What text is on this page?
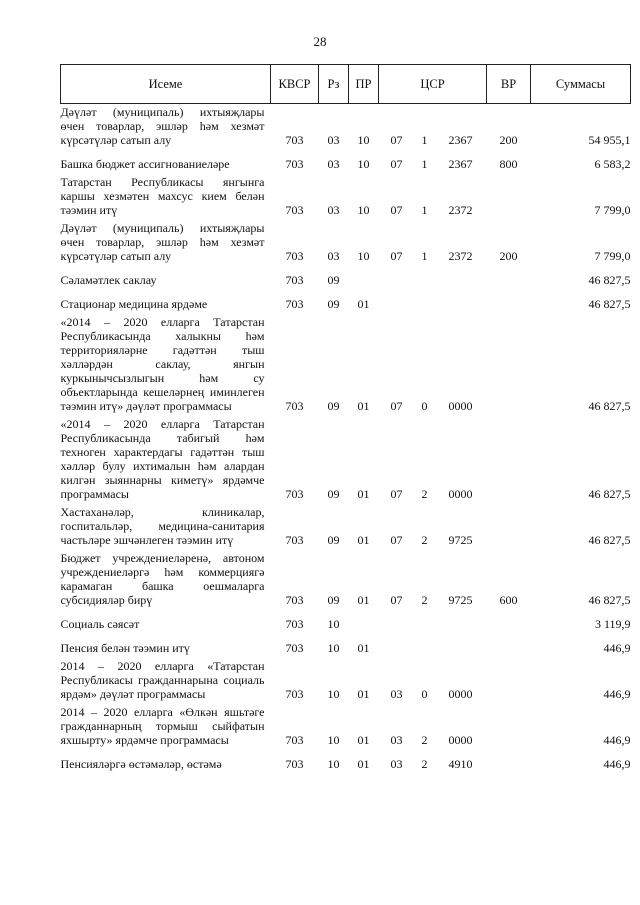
28
Исеме	КВСР	Рз	ПР	ЦСР			ВР	Суммасы
Дәүләт (муниципаль) ихтыяҗлары өчен товарлар, эшләр һәм хезмәт күрсәтүләр сатып алу	703	03	10	07	1	2367	200	54 955,1
Башка бюджет ассигнованиеләре	703	03	10	07	1	2367	800	6 583,2
Татарстан Республикасы янгынга каршы хезмәтен махсус кием белән тәэмин итү	703	03	10	07	1	2372		7 799,0
Дәүләт (муниципаль) ихтыяҗлары өчен товарлар, эшләр һәм хезмәт күрсәтүләр сатып алу	703	03	10	07	1	2372	200	7 799,0
Сәламәтлек саклау	703	09						46 827,5
Стационар медицина ярдәме	703	09	01					46 827,5
«2014 – 2020 елларга Татарстан Республикасында халыкны һәм территорияләрне гадәттән тыш хәлләрдән саклау, янгын куркынычсызлыгын һәм су объектларында кешеләрнең иминлеген тәэмин итү» дәүләт программасы	703	09	01	07	0	0000		46 827,5
«2014 – 2020 елларга Татарстан Республикасында табигый һәм техноген характердагы гадәттән тыш хәлләр булу ихтималын һәм алардан килгән зыяннарны киметү» ярдәмче программасы	703	09	01	07	2	0000		46 827,5
Хастаханәләр, клиникалар, госпитальләр, медицина-санитария частьләре эшчәнлеген тәэмин итү	703	09	01	07	2	9725		46 827,5
Бюджет учреждениеләренә, автоном учреждениеләргә һәм коммерциягә карамаган башка оешмаларга субсидияләр бирү	703	09	01	07	2	9725	600	46 827,5
Социаль сәясәт	703	10						3 119,9
Пенсия белән тәэмин итү	703	10	01					446,9
2014 – 2020 елларга «Татарстан Республикасы гражданнарына социаль ярдәм» дәүләт программасы	703	10	01	03	0	0000		446,9
2014 – 2020 елларга «Өлкән яшьтәге гражданнарның тормыш сыйфатын яхшырту» ярдәмче программасы	703	10	01	03	2	0000		446,9
Пенсияләргә өстәмәләр, өстәмә	703	10	01	03	2	4910		446,9
